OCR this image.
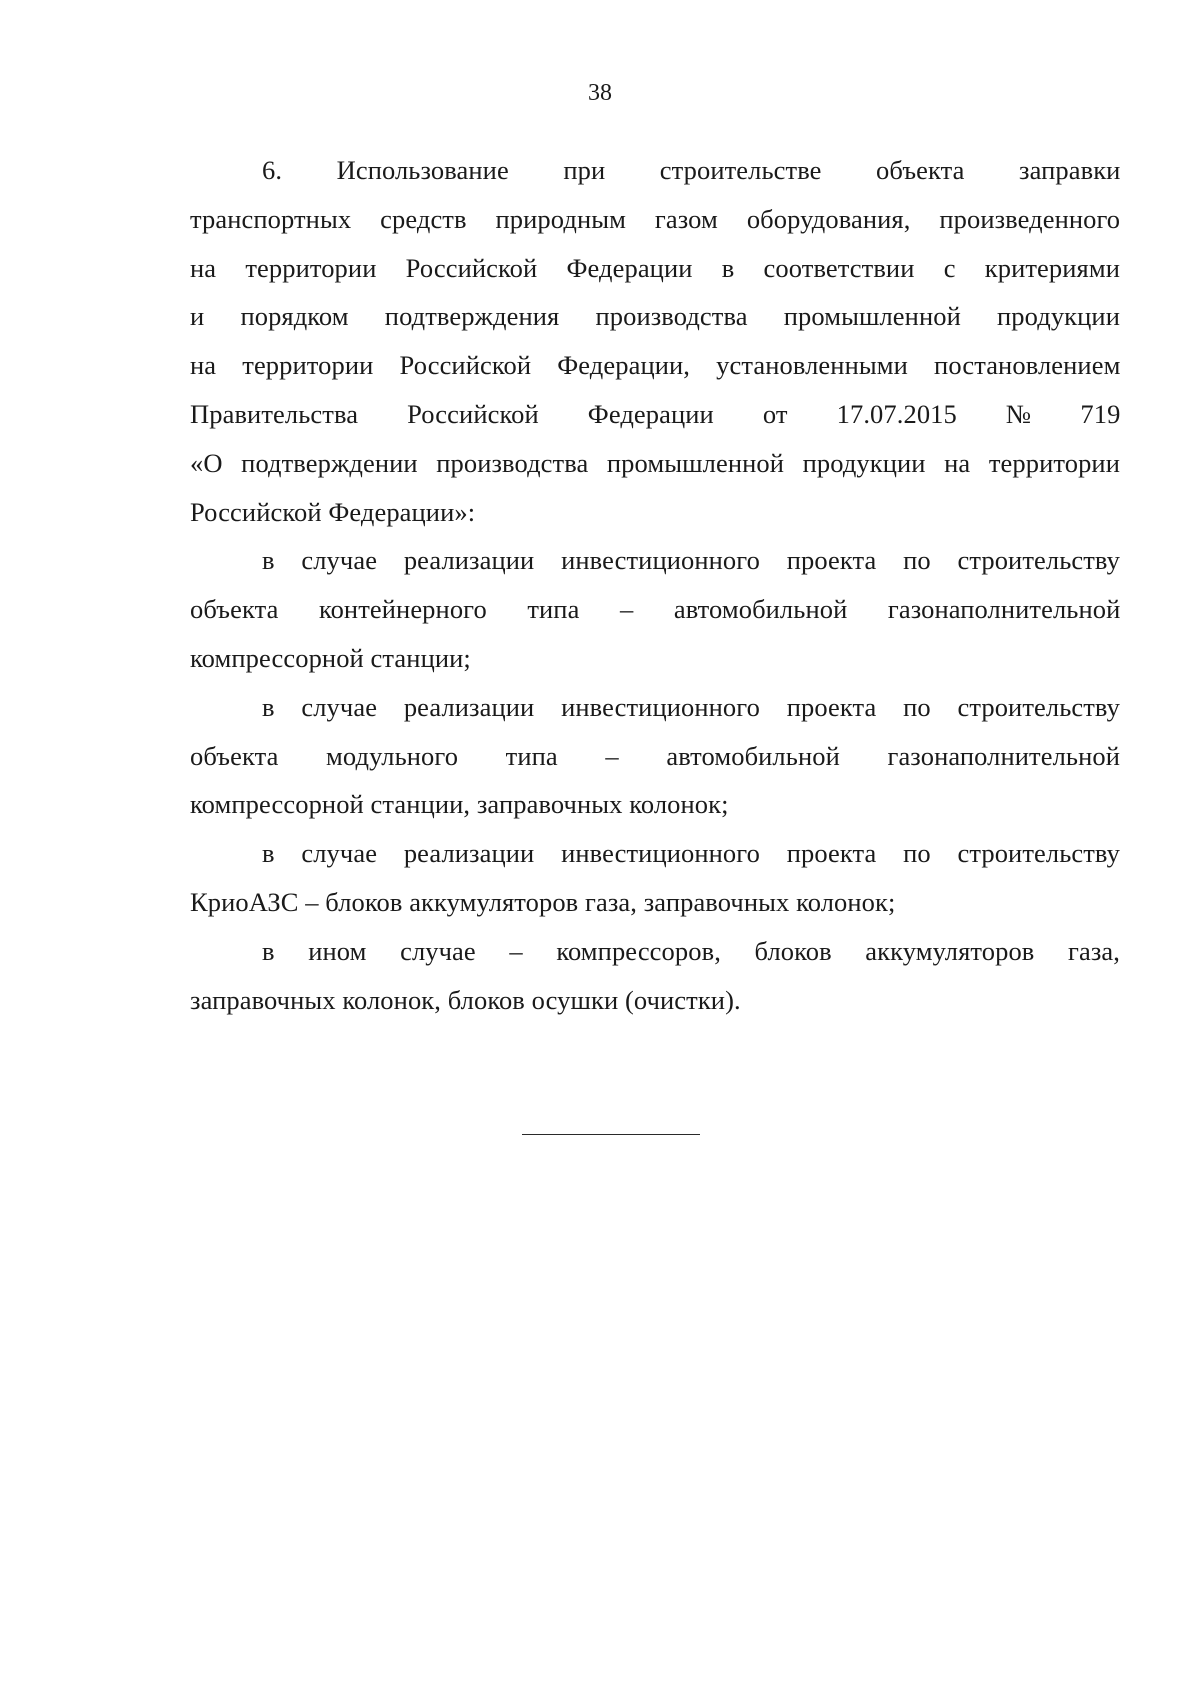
38
6. Использование при строительстве объекта заправки
транспортных средств природным газом оборудования, произведенного
на территории Российской Федерации в соответствии с критериями
и порядком подтверждения производства промышленной продукции
на территории Российской Федерации, установленными постановлением
Правительства Российской Федерации от 17.07.2015 № 719
«О подтверждении производства промышленной продукции на территории
Российской Федерации»:
в случае реализации инвестиционного проекта по строительству
объекта контейнерного типа – автомобильной газонаполнительной
компрессорной станции;
в случае реализации инвестиционного проекта по строительству
объекта модульного типа – автомобильной газонаполнительной
компрессорной станции, заправочных колонок;
в случае реализации инвестиционного проекта по строительству
КриоАЗС – блоков аккумуляторов газа, заправочных колонок;
в ином случае – компрессоров, блоков аккумуляторов газа,
заправочных колонок, блоков осушки (очистки).
